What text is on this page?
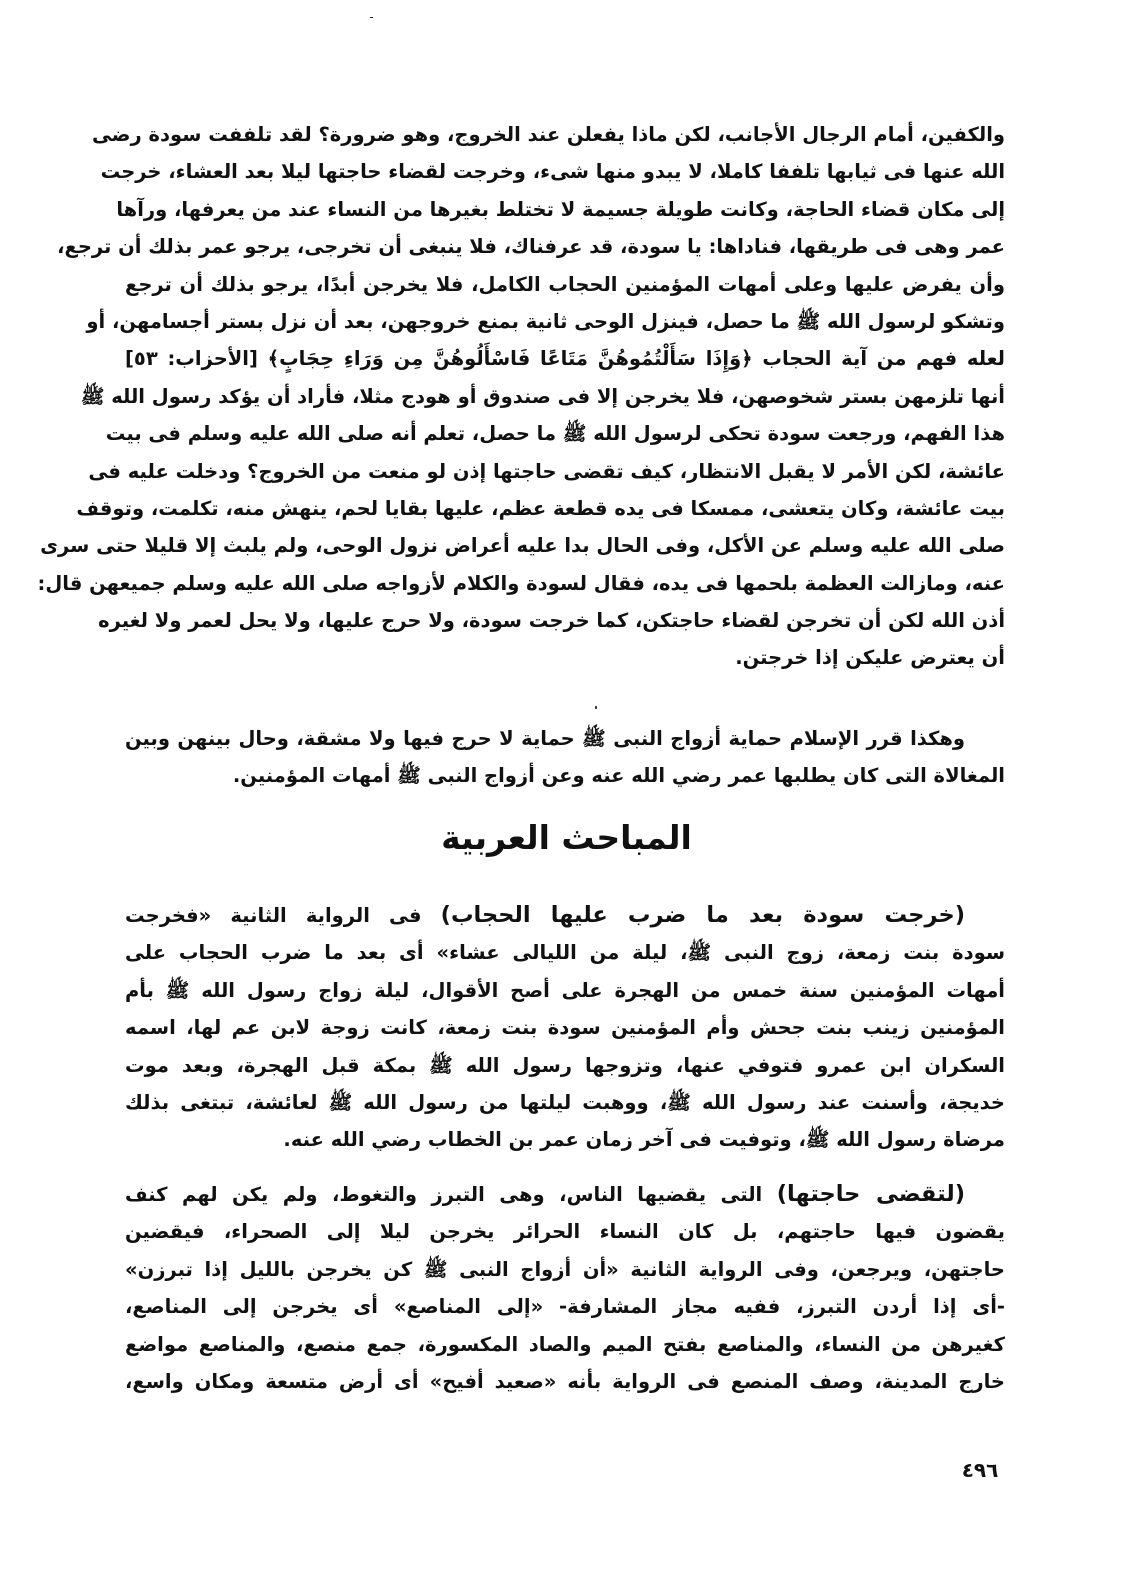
والكفين، أمام الرجال الأجانب، لكن ماذا يفعلن عند الخروج، وهو ضرورة؟ لقد تلففت سودة رضى
الله عنها فى ثيابها تلففا كاملا، لا يبدو منها شىء، وخرجت لقضاء حاجتها ليلا بعد العشاء، خرجت
إلى مكان قضاء الحاجة، وكانت طويلة جسيمة لا تختلط بغيرها من النساء عند من يعرفها، ورآها
عمر وهى فى طريقها، فناداها: يا سودة، قد عرفناك، فلا ينبغى أن تخرجى، يرجو عمر بذلك أن ترجع،
وأن يفرض عليها وعلى أمهات المؤمنين الحجاب الكامل، فلا يخرجن أبدًا، يرجو بذلك أن ترجع
وتشكو لرسول الله ﷺ ما حصل، فينزل الوحى ثانية بمنع خروجهن، بعد أن نزل بستر أجسامهن، أو
لعله فهم من آية الحجاب ﴿وَإِذَا سَأَلْتُمُوهُنَّ مَتَاعًا فَاسْأَلُوهُنَّ مِن وَرَاءِ حِجَابٍ﴾ [الأحزاب: ٥٣]
أنها تلزمهن بستر شخوصهن، فلا يخرجن إلا فى صندوق أو هودج مثلا، فأراد أن يؤكد رسول الله ﷺ
هذا الفهم، ورجعت سودة تحكى لرسول الله ﷺ ما حصل، تعلم أنه صلى الله عليه وسلم فى بيت
عائشة، لكن الأمر لا يقبل الانتظار، كيف تقضى حاجتها إذن لو منعت من الخروج؟ ودخلت عليه فى
بيت عائشة، وكان يتعشى، ممسكا فى يده قطعة عظم، عليها بقايا لحم، ينهش منه، تكلمت، وتوقف
صلى الله عليه وسلم عن الأكل، وفى الحال بدا عليه أعراض نزول الوحى، ولم يلبث إلا قليلا حتى سرى
عنه، ومازالت العظمة بلحمها فى يده، فقال لسودة والكلام لأزواجه صلى الله عليه وسلم جميعهن قال:
أذن الله لكن أن تخرجن لقضاء حاجتكن، كما خرجت سودة، ولا حرج عليها، ولا يحل لعمر ولا لغيره
أن يعترض عليكن إذا خرجتن.
وهكذا قرر الإسلام حماية أزواج النبى ﷺ حماية لا حرج فيها ولا مشقة، وحال بينهن وبين
المغالاة التى كان يطلبها عمر رضي الله عنه وعن أزواج النبى ﷺ أمهات المؤمنين.
المباحث العربية
(خرجت سودة بعد ما ضرب عليها الحجاب) فى الرواية الثانية «فخرجت
سودة بنت زمعة، زوج النبى ﷺ، ليلة من الليالى عشاء» أى بعد ما ضرب الحجاب على
أمهات المؤمنين سنة خمس من الهجرة على أصح الأقوال، ليلة زواج رسول الله ﷺ بأم
المؤمنين زينب بنت جحش وأم المؤمنين سودة بنت زمعة، كانت زوجة لابن عم لها، اسمه
السكران ابن عمرو فتوفي عنها، وتزوجها رسول الله ﷺ بمكة قبل الهجرة، وبعد موت
خديجة، وأسنت عند رسول الله ﷺ، ووهبت ليلتها من رسول الله ﷺ لعائشة، تبتغى بذلك
مرضاة رسول الله ﷺ، وتوفيت فى آخر زمان عمر بن الخطاب رضي الله عنه.
(لتقضى حاجتها) التى يقضيها الناس، وهى التبرز والتغوط، ولم يكن لهم كنف
يقضون فيها حاجتهم، بل كان النساء الحرائر يخرجن ليلا إلى الصحراء، فيقضين
حاجتهن، ويرجعن، وفى الرواية الثانية «أن أزواج النبى ﷺ كن يخرجن بالليل إذا تبرزن»
-أى إذا أردن التبرز، ففيه مجاز المشارفة- «إلى المناصع» أى يخرجن إلى المناصع،
كغيرهن من النساء، والمناصع بفتح الميم والصاد المكسورة، جمع منصع، والمناصع مواضع
خارج المدينة، وصف المنصع فى الرواية بأنه «صعيد أفيح» أى أرض متسعة ومكان واسع،
٤٩٦
